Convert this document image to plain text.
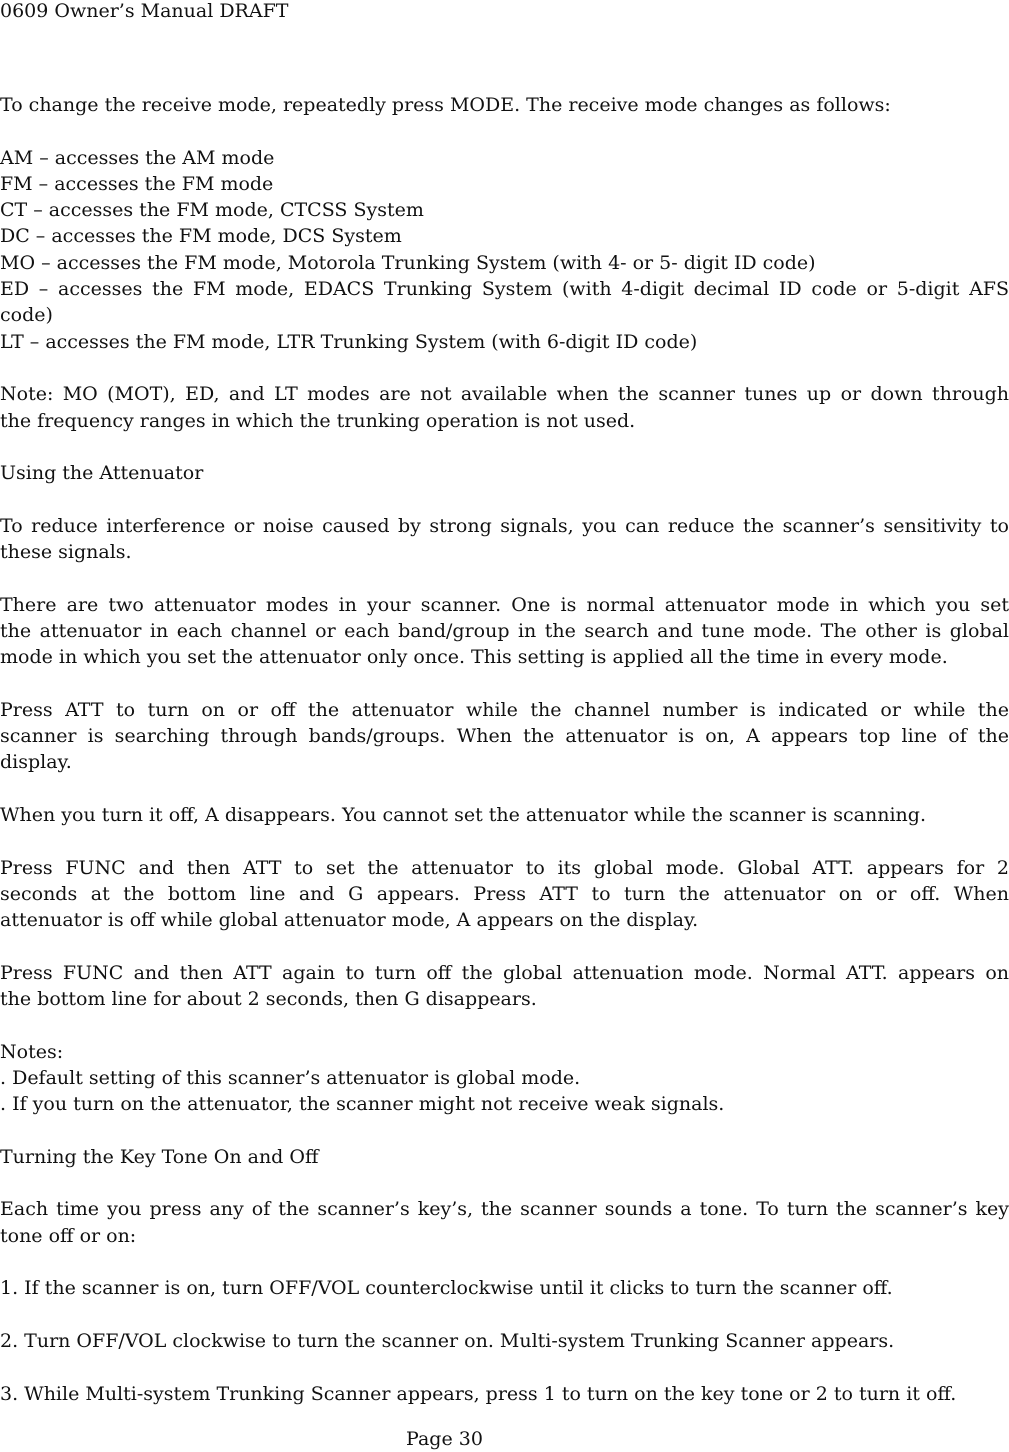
0609 Owner’s Manual DRAFT
To change the receive mode, repeatedly press MODE. The receive mode changes as follows:
AM – accesses the AM mode
FM – accesses the FM mode
CT – accesses the FM mode, CTCSS System
DC – accesses the FM mode, DCS System
MO – accesses the FM mode, Motorola Trunking System (with 4- or 5- digit ID code)
ED – accesses the FM mode, EDACS Trunking System (with 4-digit decimal ID code or 5-digit AFS
code)
LT – accesses the FM mode, LTR Trunking System (with 6-digit ID code)
Note: MO (MOT), ED, and LT modes are not available when the scanner tunes up or down through
the frequency ranges in which the trunking operation is not used.
Using the Attenuator
To reduce interference or noise caused by strong signals, you can reduce the scanner’s sensitivity to
these signals.
There are two attenuator modes in your scanner. One is normal attenuator mode in which you set
the attenuator in each channel or each band/group in the search and tune mode. The other is global
mode in which you set the attenuator only once. This setting is applied all the time in every mode.
Press ATT to turn on or off the attenuator while the channel number is indicated or while the
scanner is searching through bands/groups. When the attenuator is on, A appears top line of the
display.
When you turn it off, A disappears. You cannot set the attenuator while the scanner is scanning.
Press FUNC and then ATT to set the attenuator to its global mode. Global ATT. appears for 2
seconds at the bottom line and G appears. Press ATT to turn the attenuator on or off. When
attenuator is off while global attenuator mode, A appears on the display.
Press FUNC and then ATT again to turn off the global attenuation mode. Normal ATT. appears on
the bottom line for about 2 seconds, then G disappears.
Notes:
. Default setting of this scanner’s attenuator is global mode.
. If you turn on the attenuator, the scanner might not receive weak signals.
Turning the Key Tone On and Off
Each time you press any of the scanner’s key’s, the scanner sounds a tone. To turn the scanner’s key
tone off or on:
1. If the scanner is on, turn OFF/VOL counterclockwise until it clicks to turn the scanner off.
2. Turn OFF/VOL clockwise to turn the scanner on. Multi-system Trunking Scanner appears.
3. While Multi-system Trunking Scanner appears, press 1 to turn on the key tone or 2 to turn it off.
Page 30
